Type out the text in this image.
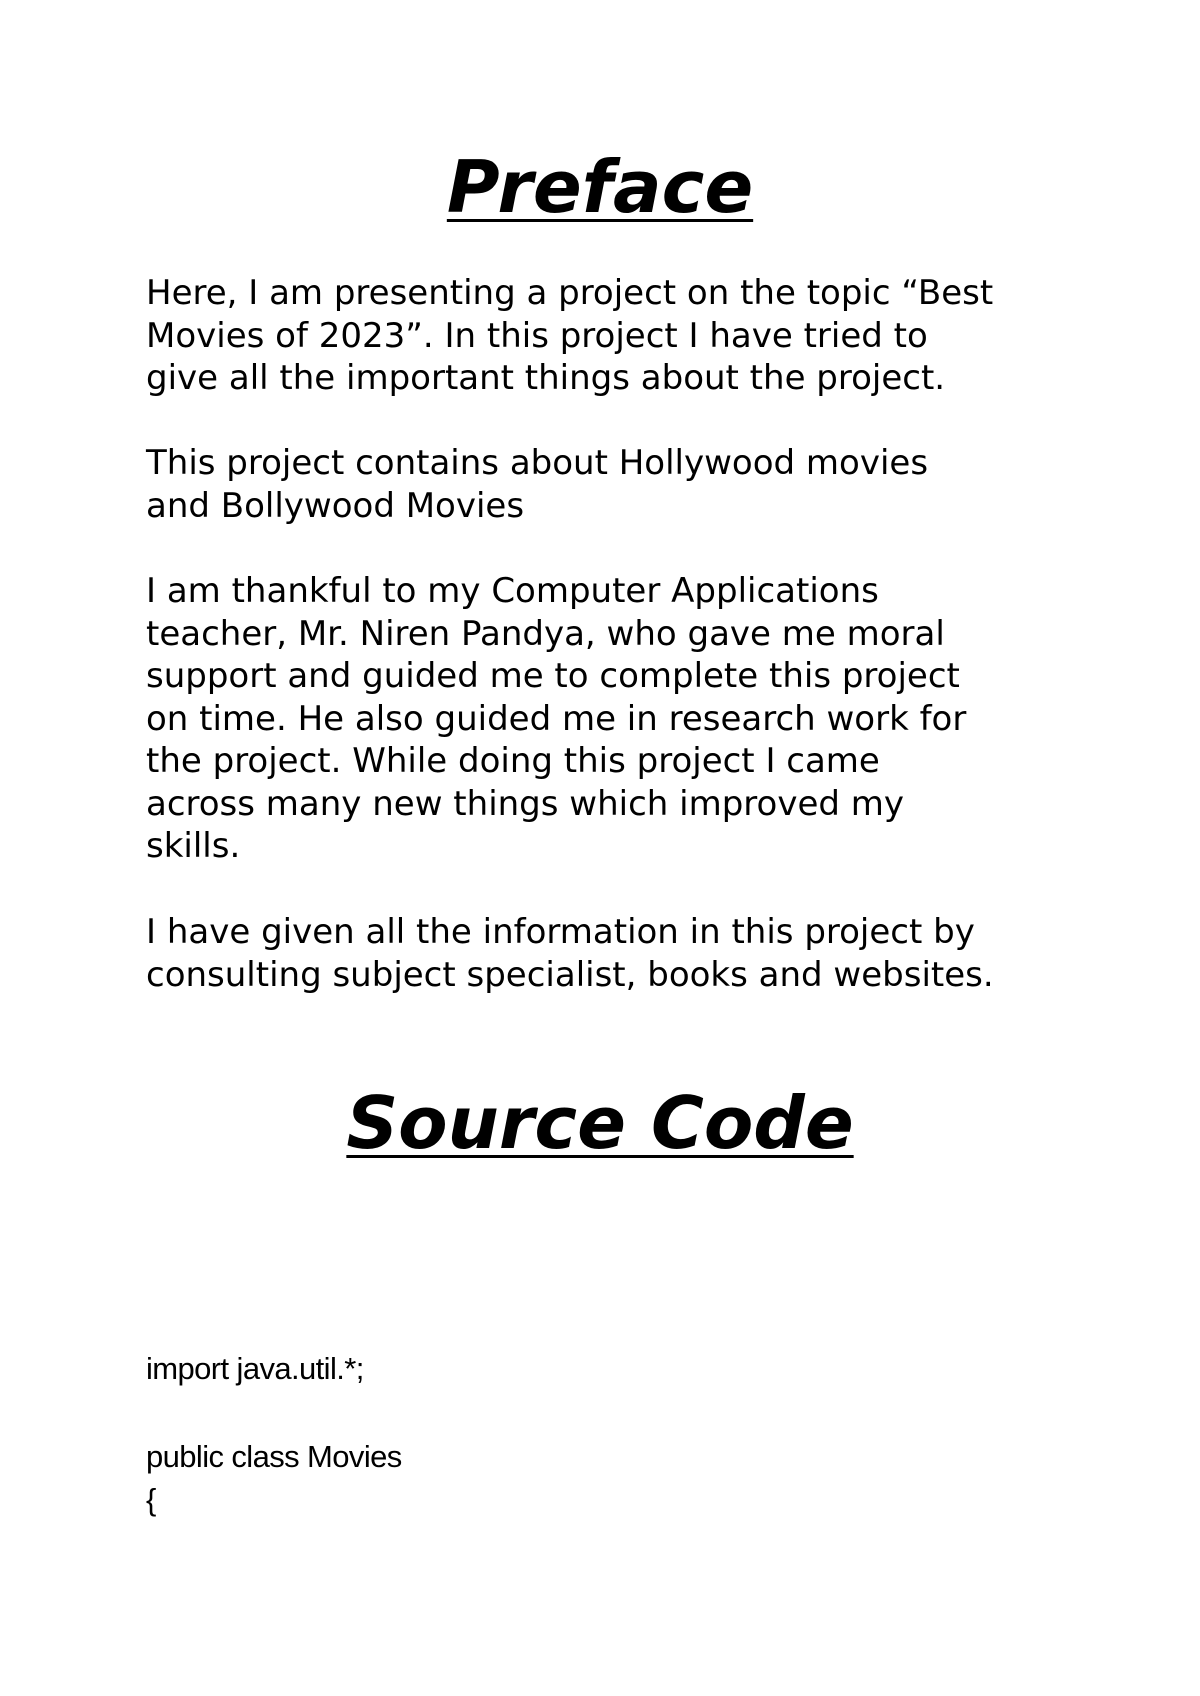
Preface

Here, I am presenting a project on the topic “Best
Movies of 2023”. In this project I have tried to
give all the important things about the project.

This project contains about Hollywood movies
and Bollywood Movies

I am thankful to my Computer Applications
teacher, Mr. Niren Pandya, who gave me moral
support and guided me to complete this project
on time. He also guided me in research work for
the project. While doing this project I came
across many new things which improved my
skills.

I have given all the information in this project by
consulting subject specialist, books and websites.

Source Code
import java.util.*;
public class Movies
{
